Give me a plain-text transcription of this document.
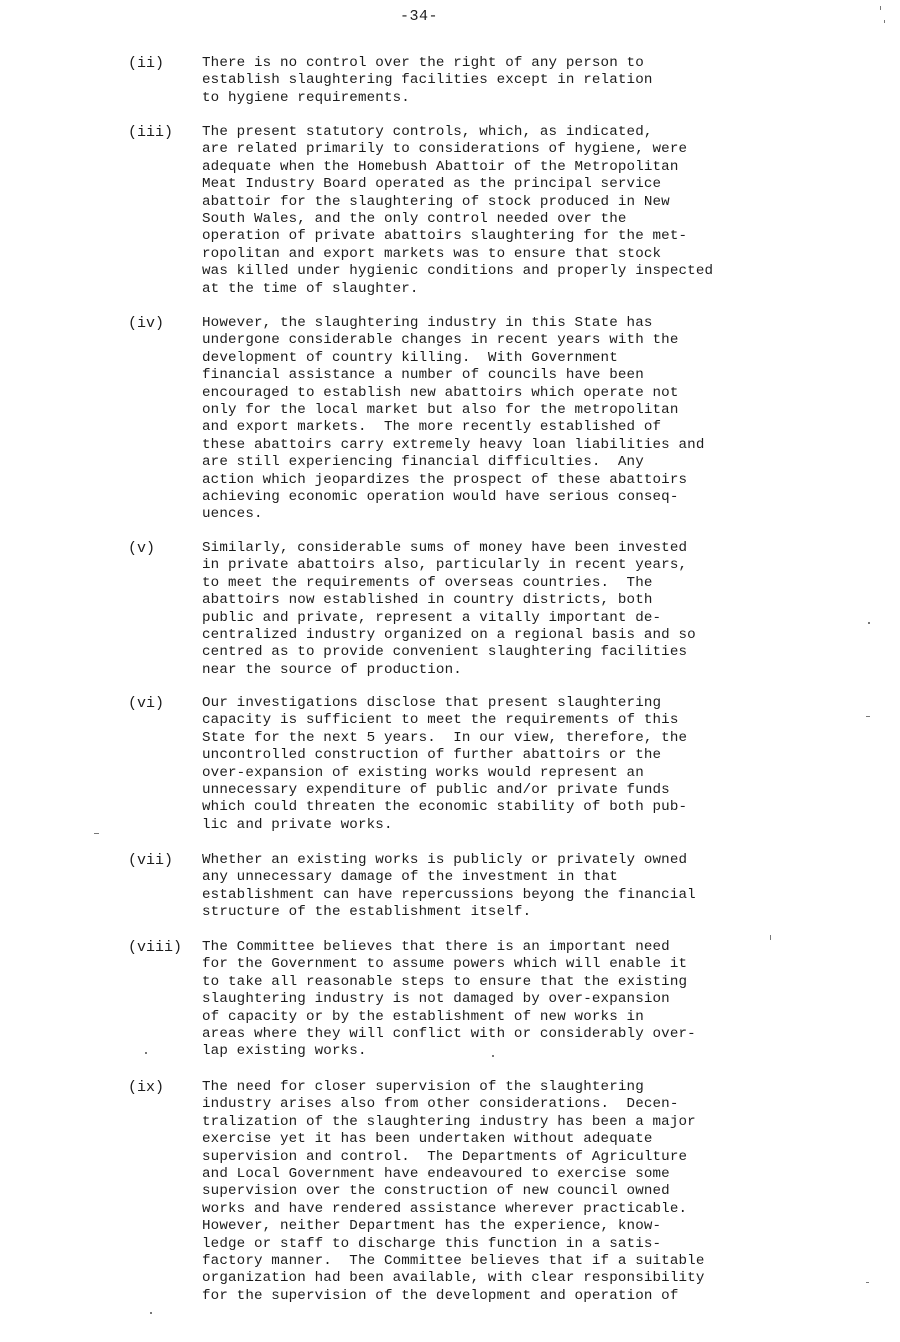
-34-
(ii)	There is no control over the right of any person to
establish slaughtering facilities except in relation
to hygiene requirements.
(iii) The present statutory controls, which, as indicated,
are related primarily to considerations of hygiene, were
adequate when the Homebush Abattoir of the Metropolitan
Meat Industry Board operated as the principal service
abattoir for the slaughtering of stock produced in New
South Wales, and the only control needed over the
operation of private abattoirs slaughtering for the met-
ropolitan and export markets was to ensure that stock
was killed under hygienic conditions and properly inspected
at the time of slaughter.
(iv)	However, the slaughtering industry in this State has
undergone considerable changes in recent years with the
development of country killing.  With Government
financial assistance a number of councils have been
encouraged to establish new abattoirs which operate not
only for the local market but also for the metropolitan
and export markets.  The more recently established of
these abattoirs carry extremely heavy loan liabilities and
are still experiencing financial difficulties.  Any
action which jeopardizes the prospect of these abattoirs
achieving economic operation would have serious conseq-
uences.
(v)	Similarly, considerable sums of money have been invested
in private abattoirs also, particularly in recent years,
to meet the requirements of overseas countries.  The
abattoirs now established in country districts, both
public and private, represent a vitally important de-
centralized industry organized on a regional basis and so
centred as to provide convenient slaughtering facilities
near the source of production.
(vi)	Our investigations disclose that present slaughtering
capacity is sufficient to meet the requirements of this
State for the next 5 years.  In our view, therefore, the
uncontrolled construction of further abattoirs or the
over-expansion of existing works would represent an
unnecessary expenditure of public and/or private funds
which could threaten the economic stability of both pub-
lic and private works.
(vii) Whether an existing works is publicly or privately owned
any unnecessary damage of the investment in that
establishment can have repercussions beyong the financial
structure of the establishment itself.
(viii) The Committee believes that there is an important need
for the Government to assume powers which will enable it
to take all reasonable steps to ensure that the existing
slaughtering industry is not damaged by over-expansion
of capacity or by the establishment of new works in
areas where they will conflict with or considerably over-
lap existing works.
(ix)	The need for closer supervision of the slaughtering
industry arises also from other considerations.  Decen-
tralization of the slaughtering industry has been a major
exercise yet it has been undertaken without adequate
supervision and control.  The Departments of Agriculture
and Local Government have endeavoured to exercise some
supervision over the construction of new council owned
works and have rendered assistance wherever practicable.
However, neither Department has the experience, know-
ledge or staff to discharge this function in a satis-
factory manner.  The Committee believes that if a suitable
organization had been available, with clear responsibility
for the supervision of the development and operation of
